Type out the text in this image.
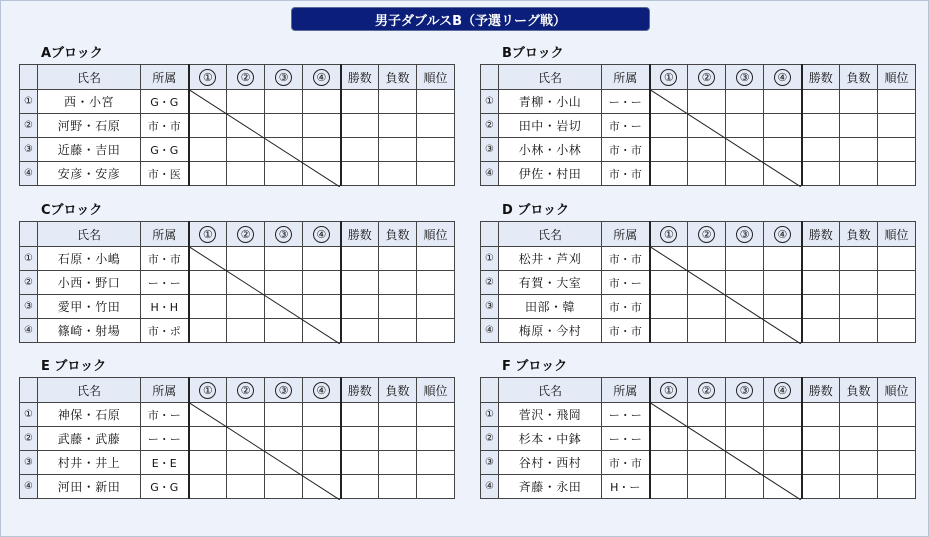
男子ダブルスB（予選リーグ戦）
Aブロック
	氏名	所属	①	②	③	④	勝数	負数	順位
①	西・小宮	G・G							
②	河野・石原	市・市							
③	近藤・吉田	G・G							
④	安彦・安彦	市・医							
Bブロック
	氏名	所属	①	②	③	④	勝数	負数	順位
①	青柳・小山	ー・ー							
②	田中・岩切	市・ー							
③	小林・小林	市・市							
④	伊佐・村田	市・市							
Cブロック
	氏名	所属	①	②	③	④	勝数	負数	順位
①	石原・小嶋	市・市							
②	小西・野口	ー・ー							
③	愛甲・竹田	H・H							
④	篠崎・射場	市・ポ							
D ブロック
	氏名	所属	①	②	③	④	勝数	負数	順位
①	松井・芦刈	市・市							
②	有賀・大室	市・ー							
③	田部・韓	市・市							
④	梅原・今村	市・市							
E ブロック
	氏名	所属	①	②	③	④	勝数	負数	順位
①	神保・石原	市・ー							
②	武藤・武藤	ー・ー							
③	村井・井上	E・E							
④	河田・新田	G・G							
F ブロック
	氏名	所属	①	②	③	④	勝数	負数	順位
①	菅沢・飛岡	ー・ー							
②	杉本・中鉢	ー・ー							
③	谷村・西村	市・市							
④	斉藤・永田	H・ー							
